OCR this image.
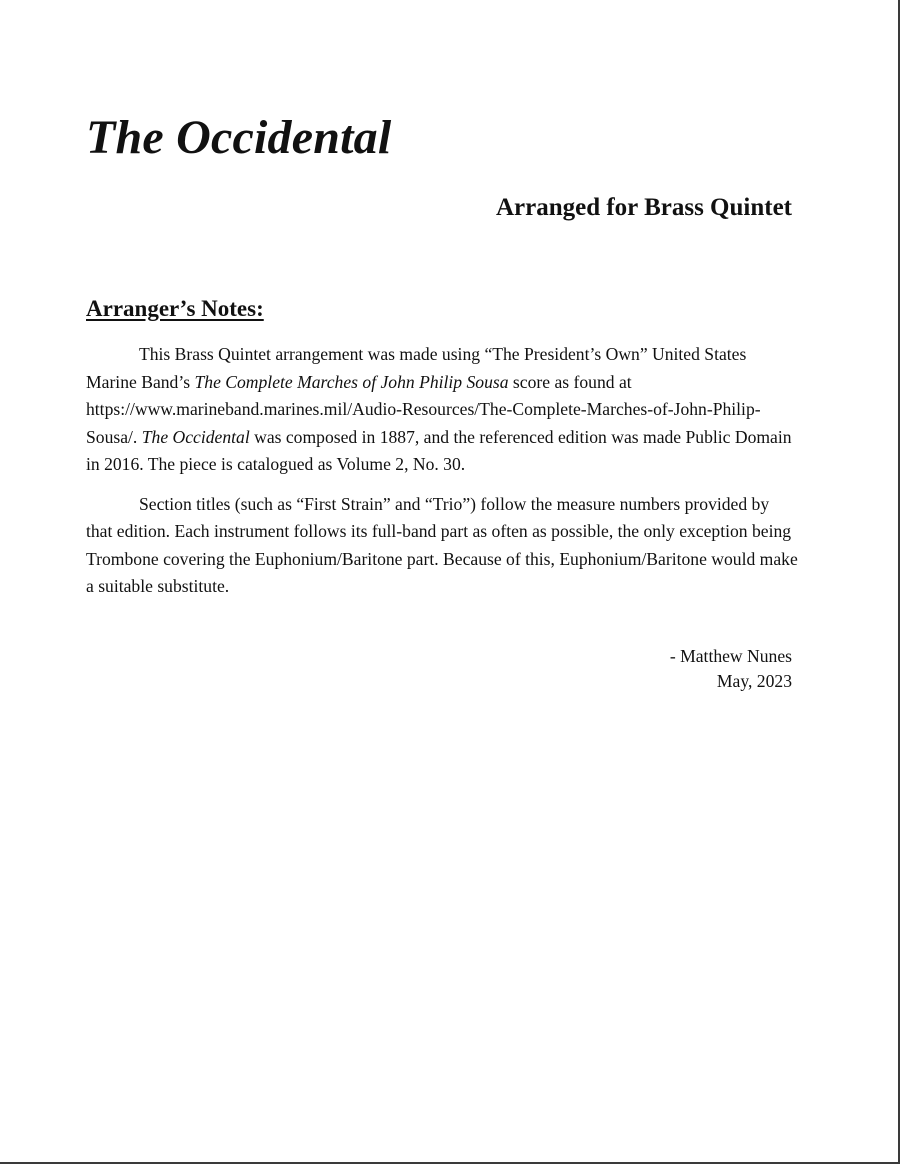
The Occidental
Arranged for Brass Quintet
Arranger’s Notes:

This Brass Quintet arrangement was made using “The President’s Own” United States Marine Band’s The Complete Marches of John Philip Sousa score as found at https://www.marineband.marines.mil/Audio-Resources/The-Complete-Marches-of-John-Philip-Sousa/. The Occidental was composed in 1887, and the referenced edition was made Public Domain in 2016. The piece is catalogued as Volume 2, No. 30.

Section titles (such as “First Strain” and “Trio”) follow the measure numbers provided by that edition. Each instrument follows its full-band part as often as possible, the only exception being Trombone covering the Euphonium/Baritone part. Because of this, Euphonium/Baritone would make a suitable substitute.

- Matthew Nunes
May, 2023
